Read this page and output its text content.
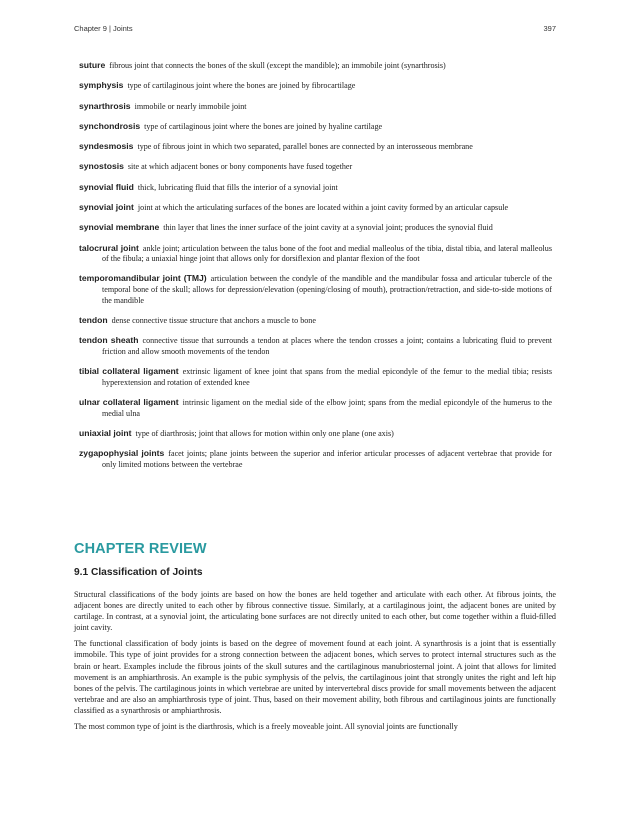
Chapter 9 | Joints	397

suture fibrous joint that connects the bones of the skull (except the mandible); an immobile joint (synarthrosis)

symphysis type of cartilaginous joint where the bones are joined by fibrocartilage

synarthrosis immobile or nearly immobile joint

synchondrosis type of cartilaginous joint where the bones are joined by hyaline cartilage

syndesmosis type of fibrous joint in which two separated, parallel bones are connected by an interosseous membrane

synostosis site at which adjacent bones or bony components have fused together

synovial fluid thick, lubricating fluid that fills the interior of a synovial joint

synovial joint joint at which the articulating surfaces of the bones are located within a joint cavity formed by an articular capsule

synovial membrane thin layer that lines the inner surface of the joint cavity at a synovial joint; produces the synovial fluid

talocrural joint ankle joint; articulation between the talus bone of the foot and medial malleolus of the tibia, distal tibia, and lateral malleolus of the fibula; a uniaxial hinge joint that allows only for dorsiflexion and plantar flexion of the foot

temporomandibular joint (TMJ) articulation between the condyle of the mandible and the mandibular fossa and articular tubercle of the temporal bone of the skull; allows for depression/elevation (opening/closing of mouth), protraction/retraction, and side-to-side motions of the mandible

tendon dense connective tissue structure that anchors a muscle to bone

tendon sheath connective tissue that surrounds a tendon at places where the tendon crosses a joint; contains a lubricating fluid to prevent friction and allow smooth movements of the tendon

tibial collateral ligament extrinsic ligament of knee joint that spans from the medial epicondyle of the femur to the medial tibia; resists hyperextension and rotation of extended knee

ulnar collateral ligament intrinsic ligament on the medial side of the elbow joint; spans from the medial epicondyle of the humerus to the medial ulna

uniaxial joint type of diarthrosis; joint that allows for motion within only one plane (one axis)

zygapophysial joints facet joints; plane joints between the superior and inferior articular processes of adjacent vertebrae that provide for only limited motions between the vertebrae

CHAPTER REVIEW
9.1 Classification of Joints

Structural classifications of the body joints are based on how the bones are held together and articulate with each other. At fibrous joints, the adjacent bones are directly united to each other by fibrous connective tissue. Similarly, at a cartilaginous joint, the adjacent bones are united by cartilage. In contrast, at a synovial joint, the articulating bone surfaces are not directly united to each other, but come together within a fluid-filled joint cavity.

The functional classification of body joints is based on the degree of movement found at each joint. A synarthrosis is a joint that is essentially immobile. This type of joint provides for a strong connection between the adjacent bones, which serves to protect internal structures such as the brain or heart. Examples include the fibrous joints of the skull sutures and the cartilaginous manubriosternal joint. A joint that allows for limited movement is an amphiarthrosis. An example is the pubic symphysis of the pelvis, the cartilaginous joint that strongly unites the right and left hip bones of the pelvis. The cartilaginous joints in which vertebrae are united by intervertebral discs provide for small movements between the adjacent vertebrae and are also an amphiarthrosis type of joint. Thus, based on their movement ability, both fibrous and cartilaginous joints are functionally classified as a synarthrosis or amphiarthrosis.

The most common type of joint is the diarthrosis, which is a freely moveable joint. All synovial joints are functionally
